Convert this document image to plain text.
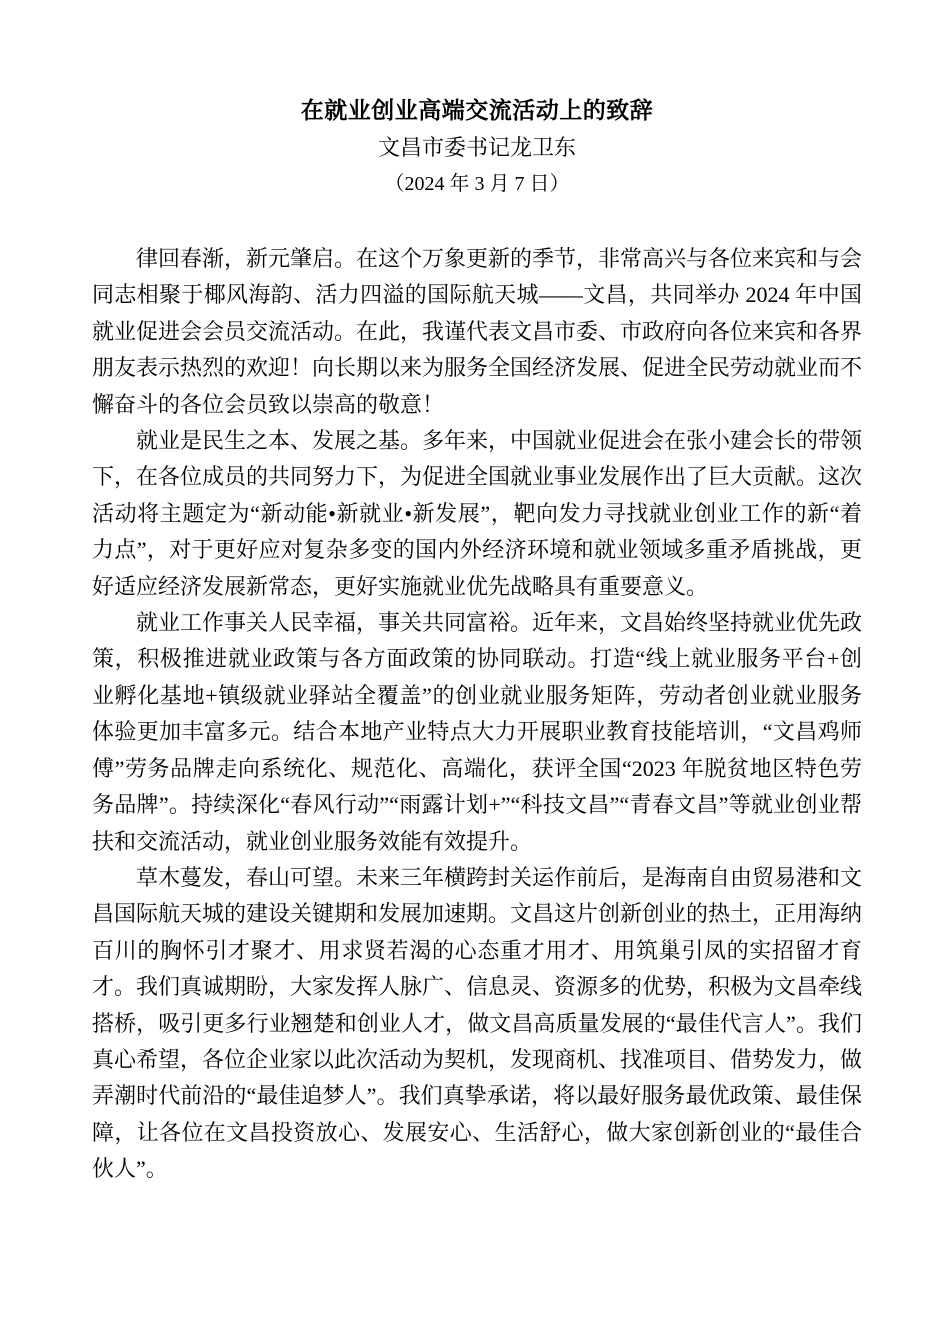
在就业创业高端交流活动上的致辞
文昌市委书记龙卫东
（2024 年 3 月 7 日）

律回春渐，新元肇启。在这个万象更新的季节，非常高兴与各位来宾和与会同志相聚于椰风海韵、活力四溢的国际航天城——文昌，共同举办 2024 年中国就业促进会会员交流活动。在此，我谨代表文昌市委、市政府向各位来宾和各界朋友表示热烈的欢迎！向长期以来为服务全国经济发展、促进全民劳动就业而不懈奋斗的各位会员致以崇高的敬意！

就业是民生之本、发展之基。多年来，中国就业促进会在张小建会长的带领下，在各位成员的共同努力下，为促进全国就业事业发展作出了巨大贡献。这次活动将主题定为“新动能•新就业•新发展”，靶向发力寻找就业创业工作的新“着力点”，对于更好应对复杂多变的国内外经济环境和就业领域多重矛盾挑战，更好适应经济发展新常态，更好实施就业优先战略具有重要意义。

就业工作事关人民幸福，事关共同富裕。近年来，文昌始终坚持就业优先政策，积极推进就业政策与各方面政策的协同联动。打造“线上就业服务平台+创业孵化基地+镇级就业驿站全覆盖”的创业就业服务矩阵，劳动者创业就业服务体验更加丰富多元。结合本地产业特点大力开展职业教育技能培训，“文昌鸡师傅”劳务品牌走向系统化、规范化、高端化，获评全国“2023 年脱贫地区特色劳务品牌”。持续深化“春风行动”“雨露计划+”“科技文昌”“青春文昌”等就业创业帮扶和交流活动，就业创业服务效能有效提升。

草木蔓发，春山可望。未来三年横跨封关运作前后，是海南自由贸易港和文昌国际航天城的建设关键期和发展加速期。文昌这片创新创业的热土，正用海纳百川的胸怀引才聚才、用求贤若渴的心态重才用才、用筑巢引凤的实招留才育才。我们真诚期盼，大家发挥人脉广、信息灵、资源多的优势，积极为文昌牵线搭桥，吸引更多行业翘楚和创业人才，做文昌高质量发展的“最佳代言人”。我们真心希望，各位企业家以此次活动为契机，发现商机、找准项目、借势发力，做弄潮时代前沿的“最佳追梦人”。我们真挚承诺，将以最好服务最优政策、最佳保障，让各位在文昌投资放心、发展安心、生活舒心，做大家创新创业的“最佳合伙人”。
